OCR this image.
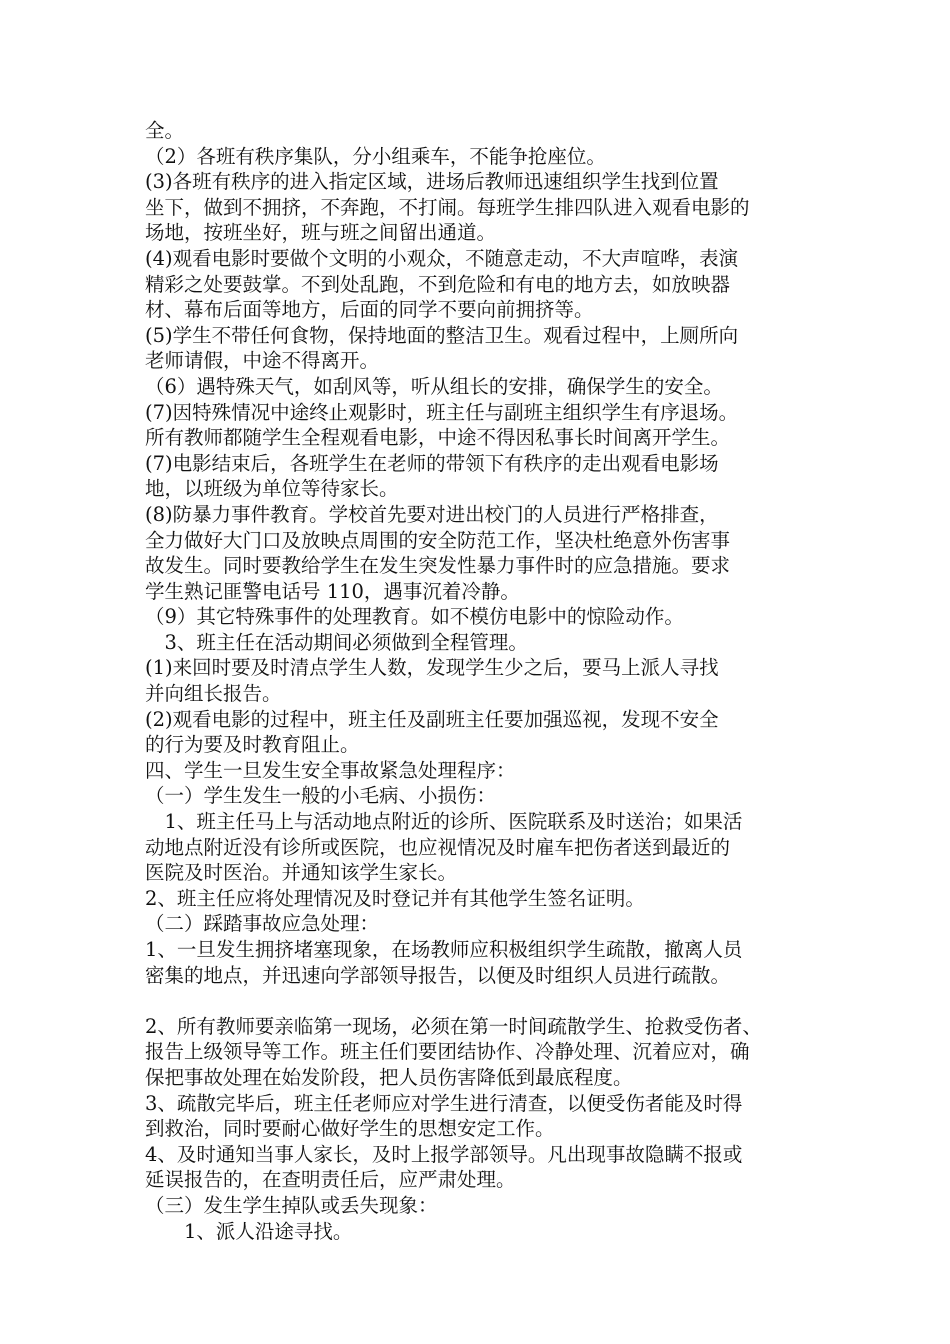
全。
（2）各班有秩序集队，分小组乘车，不能争抢座位。
(3)各班有秩序的进入指定区域，进场后教师迅速组织学生找到位置
坐下，做到不拥挤，不奔跑，不打闹。每班学生排四队进入观看电影的
场地，按班坐好，班与班之间留出通道。
(4)观看电影时要做个文明的小观众，不随意走动，不大声喧哗，表演
精彩之处要鼓掌。不到处乱跑，不到危险和有电的地方去，如放映器
材、幕布后面等地方，后面的同学不要向前拥挤等。
(5)学生不带任何食物，保持地面的整洁卫生。观看过程中，上厕所向
老师请假，中途不得离开。
（6）遇特殊天气，如刮风等，听从组长的安排，确保学生的安全。
(7)因特殊情况中途终止观影时，班主任与副班主组织学生有序退场。
所有教师都随学生全程观看电影，中途不得因私事长时间离开学生。
(7)电影结束后，各班学生在老师的带领下有秩序的走出观看电影场
地，以班级为单位等待家长。
(8)防暴力事件教育。学校首先要对进出校门的人员进行严格排查，
全力做好大门口及放映点周围的安全防范工作，坚决杜绝意外伤害事
故发生。同时要教给学生在发生突发性暴力事件时的应急措施。要求
学生熟记匪警电话号 110，遇事沉着冷静。
（9）其它特殊事件的处理教育。如不模仿电影中的惊险动作。
　3、班主任在活动期间必须做到全程管理。
(1)来回时要及时清点学生人数，发现学生少之后，要马上派人寻找
并向组长报告。
(2)观看电影的过程中，班主任及副班主任要加强巡视，发现不安全
的行为要及时教育阻止。
四、学生一旦发生安全事故紧急处理程序：
（一）学生发生一般的小毛病、小损伤：
　1、班主任马上与活动地点附近的诊所、医院联系及时送治；如果活
动地点附近没有诊所或医院，也应视情况及时雇车把伤者送到最近的
医院及时医治。并通知该学生家长。
2、班主任应将处理情况及时登记并有其他学生签名证明。
（二）踩踏事故应急处理：
1、一旦发生拥挤堵塞现象，在场教师应积极组织学生疏散，撤离人员
密集的地点，并迅速向学部领导报告，以便及时组织人员进行疏散。
2、所有教师要亲临第一现场，必须在第一时间疏散学生、抢救受伤者、
报告上级领导等工作。班主任们要团结协作、冷静处理、沉着应对，确
保把事故处理在始发阶段，把人员伤害降低到最底程度。
3、疏散完毕后，班主任老师应对学生进行清查，以便受伤者能及时得
到救治，同时要耐心做好学生的思想安定工作。
4、及时通知当事人家长，及时上报学部领导。凡出现事故隐瞒不报或
延误报告的，在查明责任后，应严肃处理。
（三）发生学生掉队或丢失现象：
　　1、派人沿途寻找。
